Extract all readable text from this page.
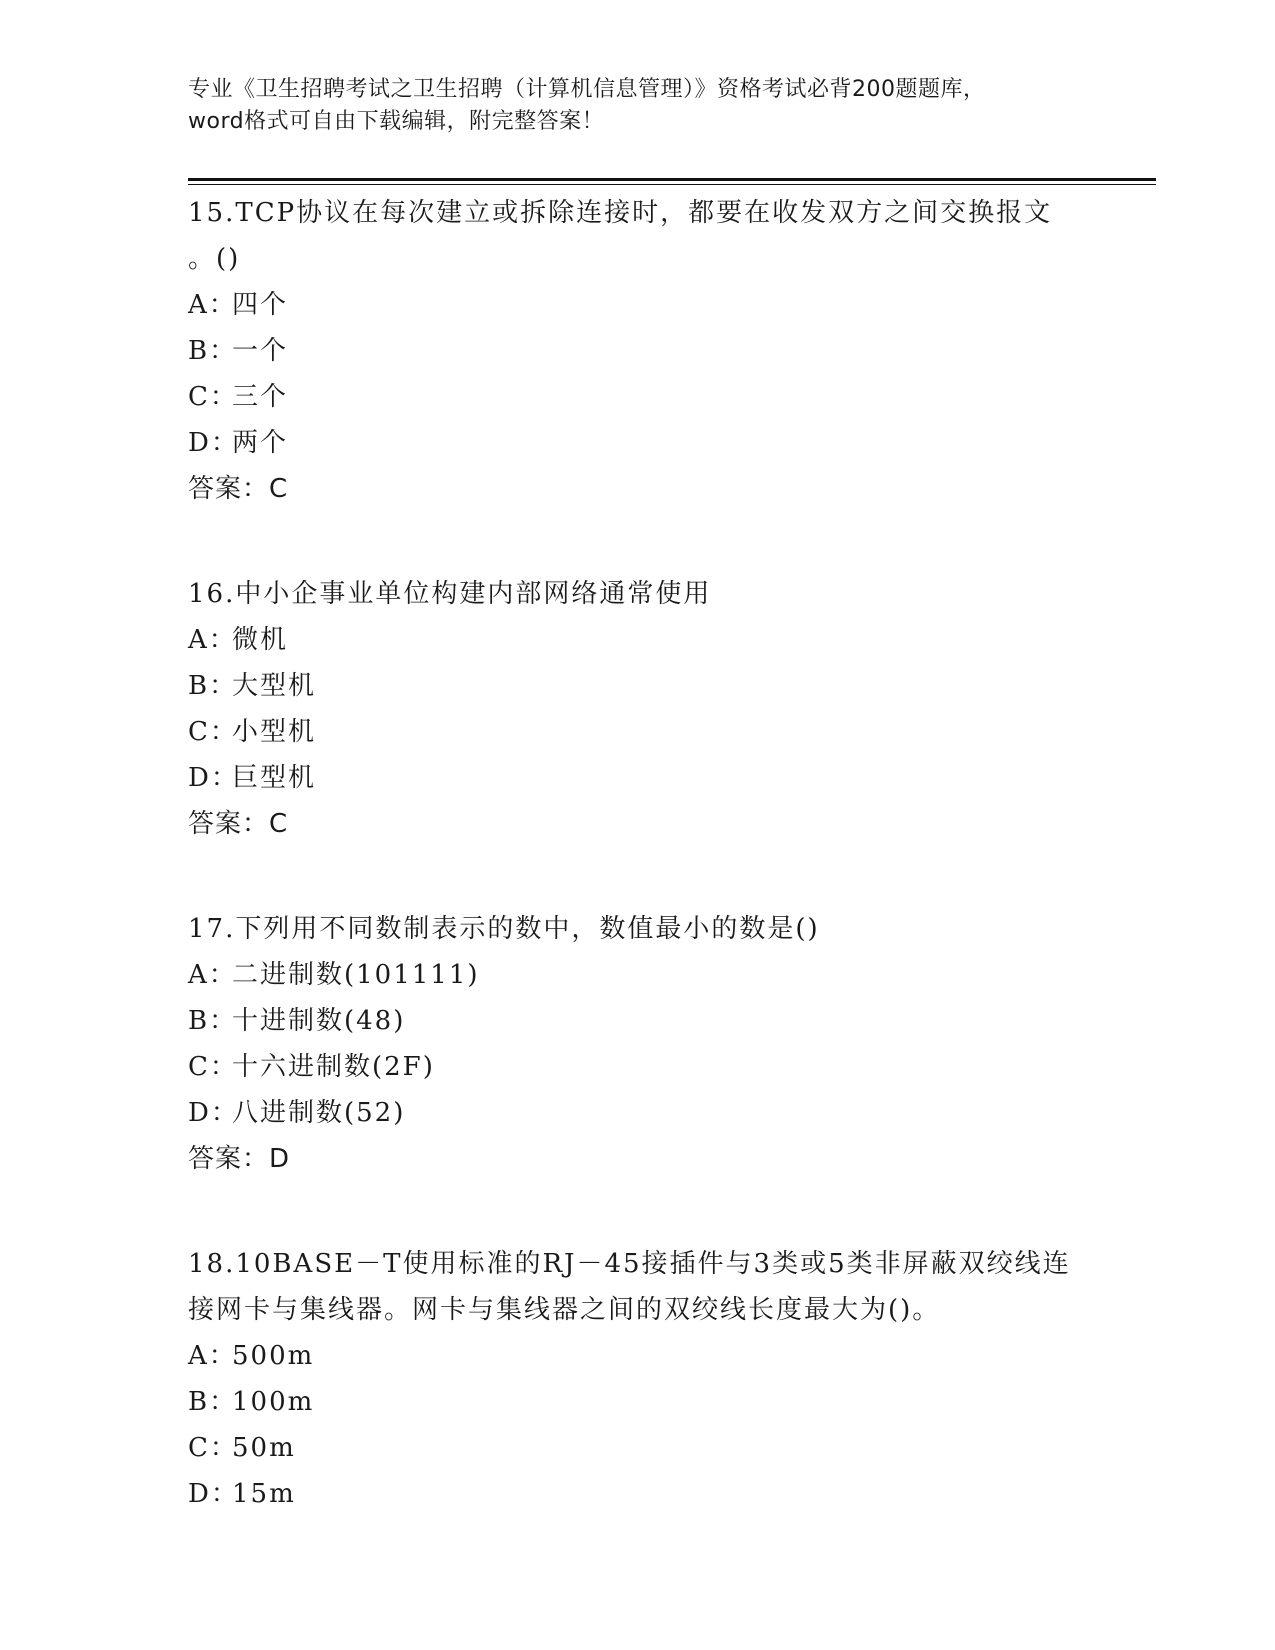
专业《卫生招聘考试之卫生招聘（计算机信息管理）》资格考试必背200题题库，
word格式可自由下载编辑，附完整答案！
15.TCP协议在每次建立或拆除连接时，都要在收发双方之间交换报文
。()
A：
四个
B：
一个
C：
三个
D：
两个
答案：C
16.中小企事业单位构建内部网络通常使用
A：
微机
B：
大型机
C：
小型机
D：
巨型机
答案：C
17.下列用不同数制表示的数中，数值最小的数是()
A：
二进制数(101111)
B：
十进制数(48)
C：
十六进制数(2F)
D：
八进制数(52)
答案：D
18.10BASE－T使用标准的RJ－45接插件与3类或5类非屏蔽双绞线连
接网卡与集线器。网卡与集线器之间的双绞线长度最大为()。
A：
500m
B：
100m
C：
50m
D：
15m
